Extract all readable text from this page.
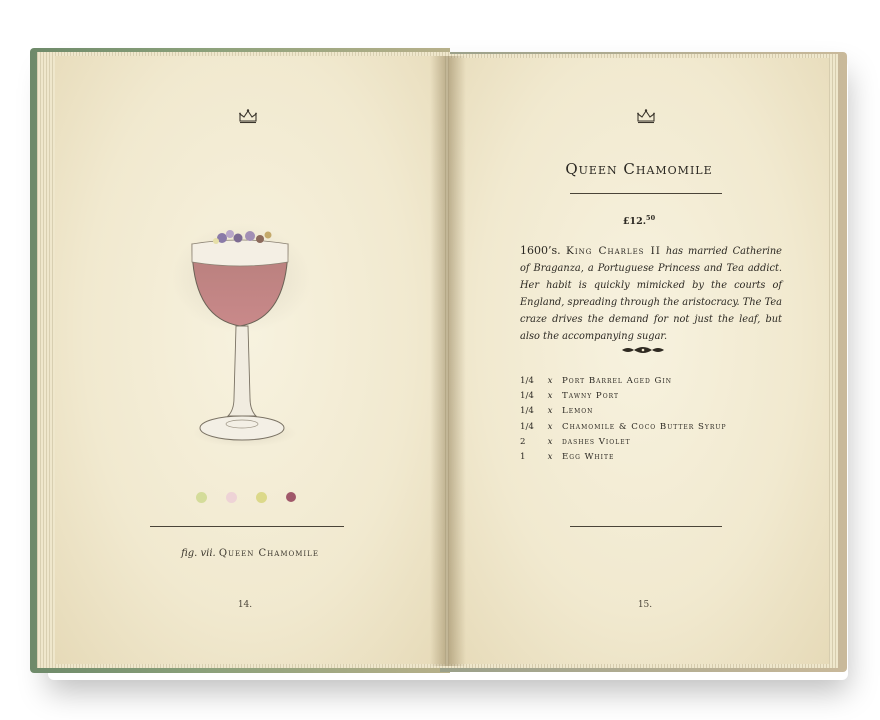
fig. vii. Queen Chamomile
14.
Queen Chamomile
£12.50
1600’s. King Charles II has married Catherine of Braganza, a Portuguese Princess and Tea addict. Her habit is quickly mimicked by the courts of England, spreading through the aristocracy. The Tea craze drives the demand for not just the leaf, but also the accompanying sugar.
1/4	x	Port Barrel Aged Gin
1/4	x	Tawny Port
1/4	x	Lemon
1/4	x	Chamomile & Coco Butter Syrup
2	x	dashes Violet
1	x	Egg White
15.
